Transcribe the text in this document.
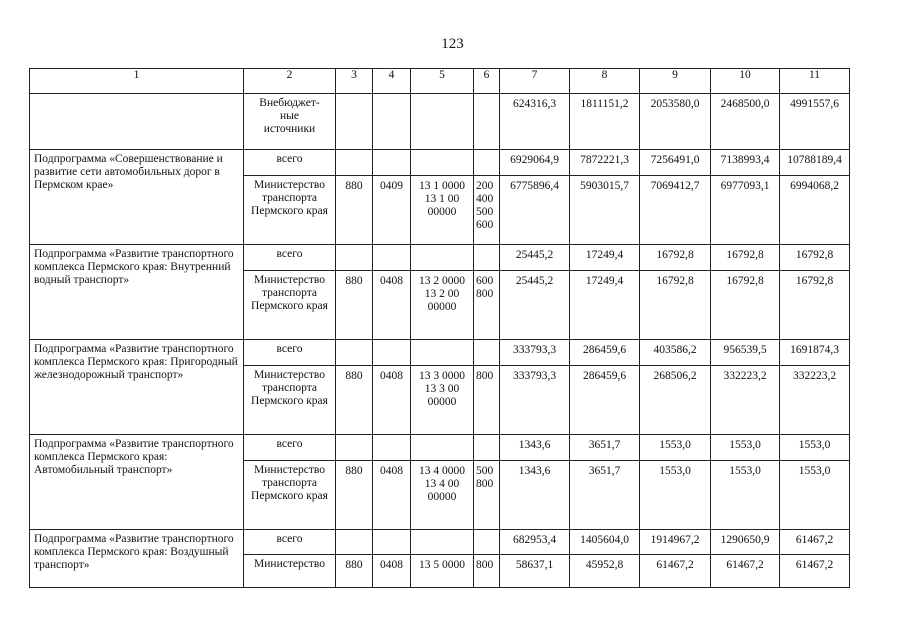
123
1	2	3	4	5	6	7	8	9	10	11

	Внебюджет-
ные
источники					624316,3	1811151,2	2053580,0	2468500,0	4991557,6
Подпрограмма «Совершенствование и развитие сети автомобильных дорог в Пермском крае»	всего					6929064,9	7872221,3	7256491,0	7138993,4	10788189,4

	Министерство транспорта Пермского края	880	0409	13 1 0000
13 1 00
00000	200
400
500
600	6775896,4	5903015,7	7069412,7	6977093,1	6994068,2
Подпрограмма «Развитие транспортного комплекса Пермского края: Внутренний водный транспорт»	всего					25445,2	17249,4	16792,8	16792,8	16792,8

	Министерство транспорта Пермского края	880	0408	13 2 0000
13 2 00
00000	600
800	25445,2	17249,4	16792,8	16792,8	16792,8
Подпрограмма «Развитие транспортного комплекса Пермского края: Пригородный железнодорожный транспорт»	всего					333793,3	286459,6	403586,2	956539,5	1691874,3

	Министерство транспорта Пермского края	880	0408	13 3 0000
13 3 00
00000	800	333793,3	286459,6	268506,2	332223,2	332223,2
Подпрограмма «Развитие транспортного комплекса Пермского края: Автомобильный транспорт»	всего					1343,6	3651,7	1553,0	1553,0	1553,0

	Министерство транспорта Пермского края	880	0408	13 4 0000
13 4 00
00000	500
800	1343,6	3651,7	1553,0	1553,0	1553,0
Подпрограмма «Развитие транспортного комплекса Пермского края: Воздушный транспорт»	всего					682953,4	1405604,0	1914967,2	1290650,9	61467,2

	Министерство	880	0408	13 5 0000	800	58637,1	45952,8	61467,2	61467,2	61467,2
